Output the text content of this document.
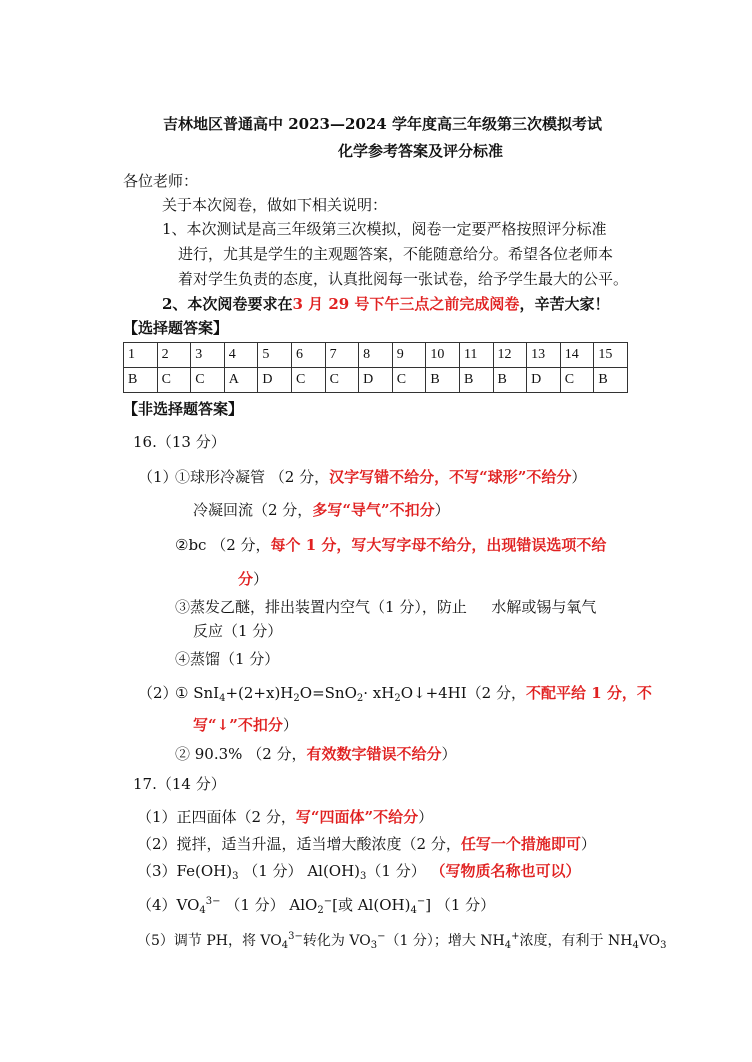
吉林地区普通高中 2023—2024 学年度高三年级第三次模拟考试
化学参考答案及评分标准
各位老师：
关于本次阅卷，做如下相关说明：
1、本次测试是高三年级第三次模拟，阅卷一定要严格按照评分标准
进行，尤其是学生的主观题答案，不能随意给分。希望各位老师本
着对学生负责的态度，认真批阅每一张试卷，给予学生最大的公平。
2、本次阅卷要求在3 月 29 号下午三点之前完成阅卷，辛苦大家！
【选择题答案】
1	2	3	4	5	6	7	8	9	10	11	12	13	14	15
B	C	C	A	D	C	C	D	C	B	B	B	D	C	B
【非选择题答案】
16.（13 分）
（1）
①球形冷凝管 （2 分，汉字写错不给分，不写“球形”不给分）
冷凝回流（2 分，多写“导气”不扣分）
②bc （2 分，每个 1 分，写大写字母不给分，出现错误选项不给
分）
③蒸发乙醚，排出装置内空气（1 分），防止 　 水解或锡与氧气
反应（1 分）
④蒸馏（1 分）
（2）
① $SnI_4+(2+x)H_2O=SnO_2\cdot$ $xH_2O↓+4HI(2$ 分，不配平给 1 分，不
写“↓”不扣分）
② 90.3% （2 分，有效数字错误不给分）
17.（14 分）
（1）正四面体（2 分，写“四面体”不给分）
（2）搅拌，适当升温，适当增大酸浓度（2 分，任写一个措施即可）
$(3)Fe(OH)_3$ （1 分） $Al(OH)_3(1$ 分） （写物质名称也可以）
$(4)VO_4^{3-}$ （1 分） AlO$_2$−[或 $Al(OH)_4^-$] （1 分）
（5）调节 PH，将 $VO_4^{3-}$转化为 $VO_3^-(1$ 分）；增大 $NH_4^+$浓度，有利于 $NH_4VO_3$
